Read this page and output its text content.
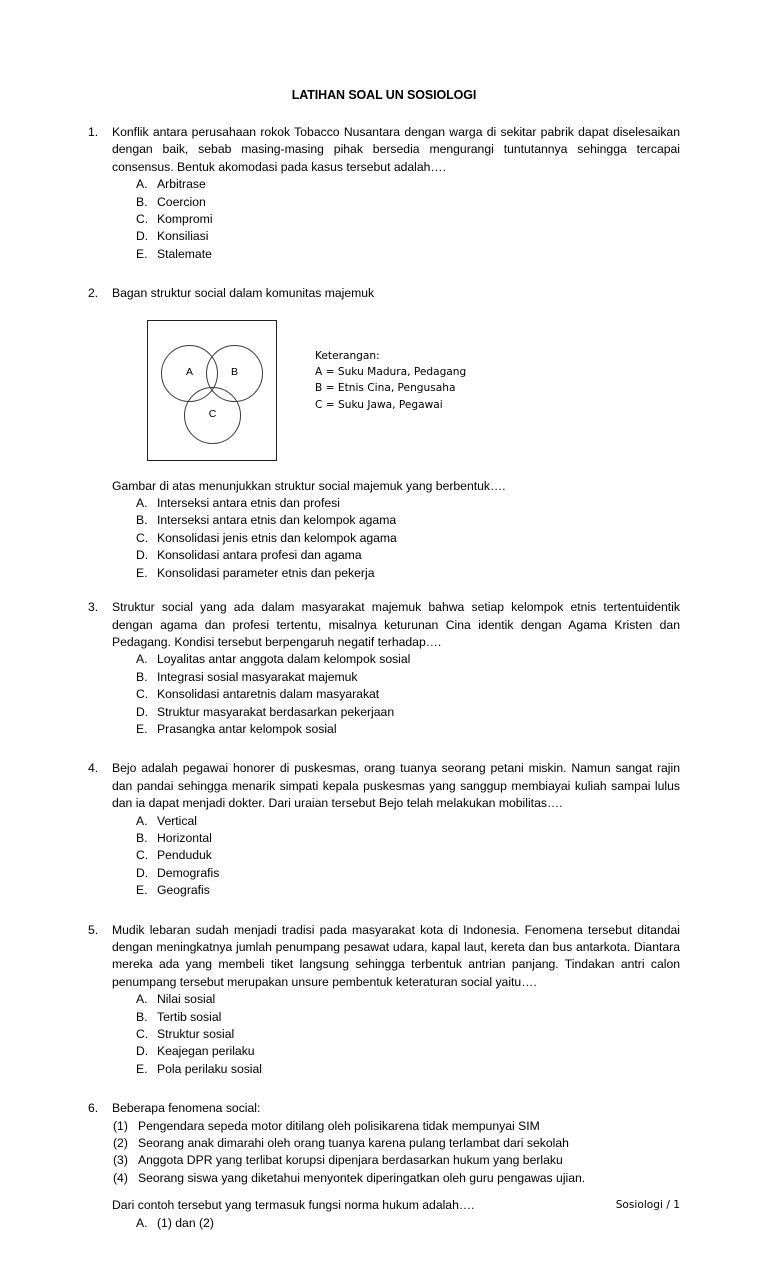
LATIHAN SOAL UN SOSIOLOGI
1.	Konflik antara perusahaan rokok Tobacco Nusantara dengan warga di sekitar pabrik dapat diselesaikan dengan baik, sebab masing-masing pihak bersedia mengurangi tuntutannya sehingga tercapai consensus. Bentuk akomodasi pada kasus tersebut adalah….
A. Arbitrase
B. Coercion
C. Kompromi
D. Konsiliasi
E. Stalemate
2.	Bagan struktur social dalam komunitas majemuk
A	B
C
Keterangan:
A = Suku Madura, Pedagang
B = Etnis Cina, Pengusaha
C = Suku Jawa, Pegawai
Gambar di atas menunjukkan struktur social majemuk yang berbentuk….
A. Interseksi antara etnis dan profesi
B. Interseksi antara etnis dan kelompok agama
C. Konsolidasi jenis etnis dan kelompok agama
D. Konsolidasi antara profesi dan agama
E. Konsolidasi parameter etnis dan pekerja
3.	Struktur social yang ada dalam masyarakat majemuk bahwa setiap kelompok etnis tertentuidentik dengan agama dan profesi tertentu, misalnya keturunan Cina identik dengan Agama Kristen dan Pedagang. Kondisi tersebut berpengaruh negatif terhadap….
A. Loyalitas antar anggota dalam kelompok sosial
B. Integrasi sosial masyarakat majemuk
C. Konsolidasi antaretnis dalam masyarakat
D. Struktur masyarakat berdasarkan pekerjaan
E. Prasangka antar kelompok sosial
4.	Bejo adalah pegawai honorer di puskesmas, orang tuanya seorang petani miskin. Namun sangat rajin dan pandai sehingga menarik simpati kepala puskesmas yang sanggup membiayai kuliah sampai lulus dan ia dapat menjadi dokter. Dari uraian tersebut Bejo telah melakukan mobilitas….
A. Vertical
B. Horizontal
C. Penduduk
D. Demografis
E. Geografis
5.	Mudik lebaran sudah menjadi tradisi pada masyarakat kota di Indonesia. Fenomena tersebut ditandai dengan meningkatnya jumlah penumpang pesawat udara, kapal laut, kereta dan bus antarkota. Diantara mereka ada yang membeli tiket langsung sehingga terbentuk antrian panjang. Tindakan antri calon penumpang tersebut merupakan unsure pembentuk keteraturan social yaitu….
A. Nilai sosial
B. Tertib sosial
C. Struktur sosial
D. Keajegan perilaku
E. Pola perilaku sosial
6.	Beberapa fenomena social:
(1) Pengendara sepeda motor ditilang oleh polisikarena tidak mempunyai SIM
(2) Seorang anak dimarahi oleh orang tuanya karena pulang terlambat dari sekolah
(3) Anggota DPR yang terlibat korupsi dipenjara berdasarkan hukum yang berlaku
(4) Seorang siswa yang diketahui menyontek diperingatkan oleh guru pengawas ujian.
Dari contoh tersebut yang termasuk fungsi norma hukum adalah….
A. (1) dan (2)
Sosiologi / 1
